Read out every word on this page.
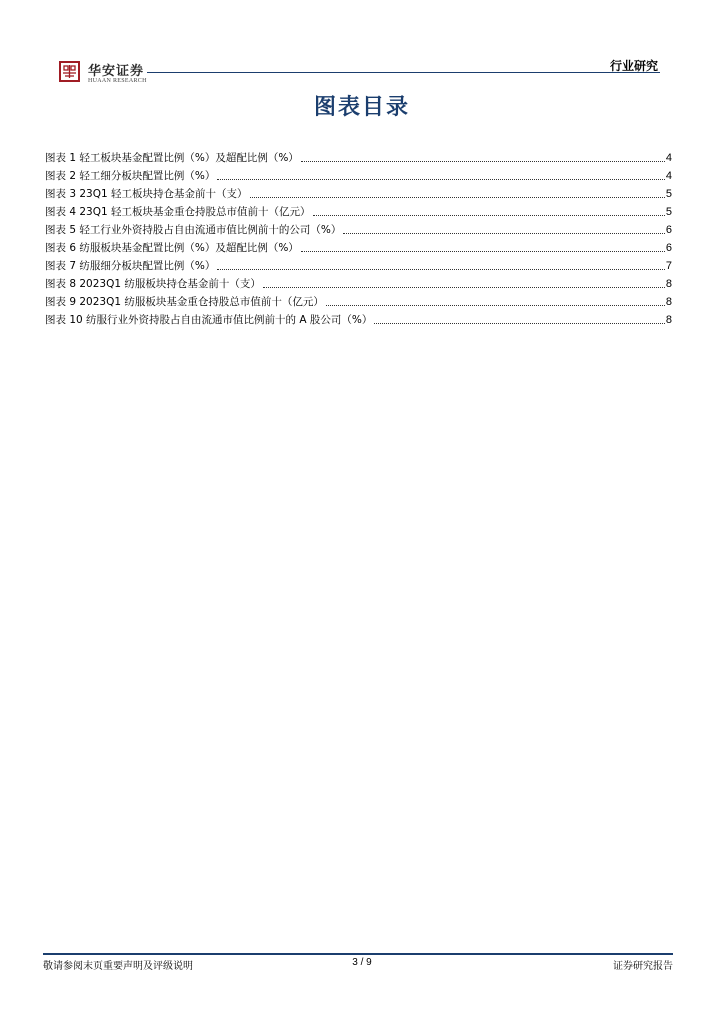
华安证券
HUAAN RESEARCH
行业研究
图表目录
图表 1 轻工板块基金配置比例（%）及超配比例（%）	4
图表 2 轻工细分板块配置比例（%）	4
图表 3 23Q1 轻工板块持仓基金前十（支）	5
图表 4 23Q1 轻工板块基金重仓持股总市值前十（亿元）	5
图表 5 轻工行业外资持股占自由流通市值比例前十的公司（%）	6
图表 6 纺服板块基金配置比例（%）及超配比例（%）	6
图表 7 纺服细分板块配置比例（%）	7
图表 8 2023Q1 纺服板块持仓基金前十（支）	8
图表 9 2023Q1 纺服板块基金重仓持股总市值前十（亿元）	8
图表 10 纺服行业外资持股占自由流通市值比例前十的 A 股公司（%）	8
敬请参阅末页重要声明及评级说明	3 / 9	证券研究报告
